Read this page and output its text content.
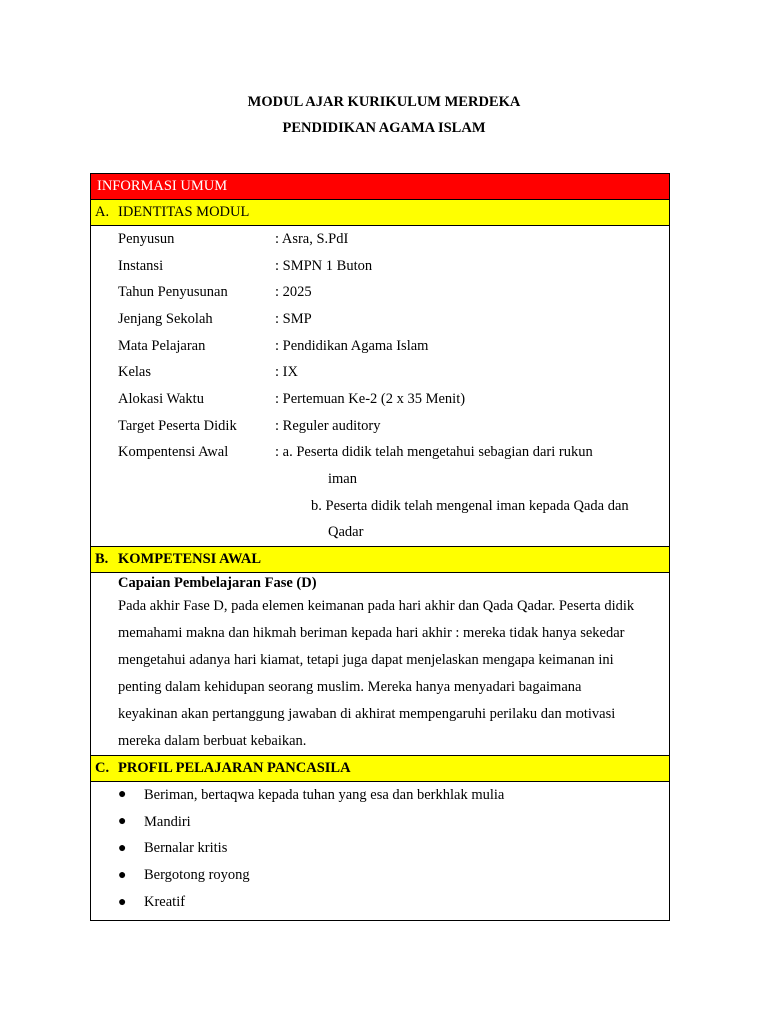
MODUL AJAR KURIKULUM MERDEKA
PENDIDIKAN AGAMA ISLAM
INFORMASI UMUM
A. IDENTITAS MODUL
Penyusun	: Asra, S.PdI
Instansi	: SMPN 1 Buton
Tahun Penyusunan	: 2025
Jenjang Sekolah	: SMP
Mata Pelajaran	: Pendidikan Agama Islam
Kelas	: IX
Alokasi Waktu	: Pertemuan Ke-2 (2 x 35 Menit)
Target Peserta Didik	: Reguler auditory
Kompentensi Awal	: a. Peserta didik telah mengetahui sebagian dari rukun
iman
b. Peserta didik telah mengenal iman kepada Qada dan
Qadar
B. KOMPETENSI AWAL
Capaian Pembelajaran Fase (D)

Pada akhir Fase D, pada elemen keimanan pada hari akhir dan Qada Qadar. Peserta didik

memahami makna dan hikmah beriman kepada hari akhir : mereka tidak hanya sekedar

mengetahui adanya hari kiamat, tetapi juga dapat menjelaskan mengapa keimanan ini

penting dalam kehidupan seorang muslim. Mereka hanya menyadari bagaimana

keyakinan akan pertanggung jawaban di akhirat mempengaruhi perilaku dan motivasi

mereka dalam berbuat kebaikan.

C. PROFIL PELAJARAN PANCASILA
●	Beriman, bertaqwa kepada tuhan yang esa dan berkhlak mulia
●	Mandiri
●	Bernalar kritis
●	Bergotong royong
●	Kreatif
